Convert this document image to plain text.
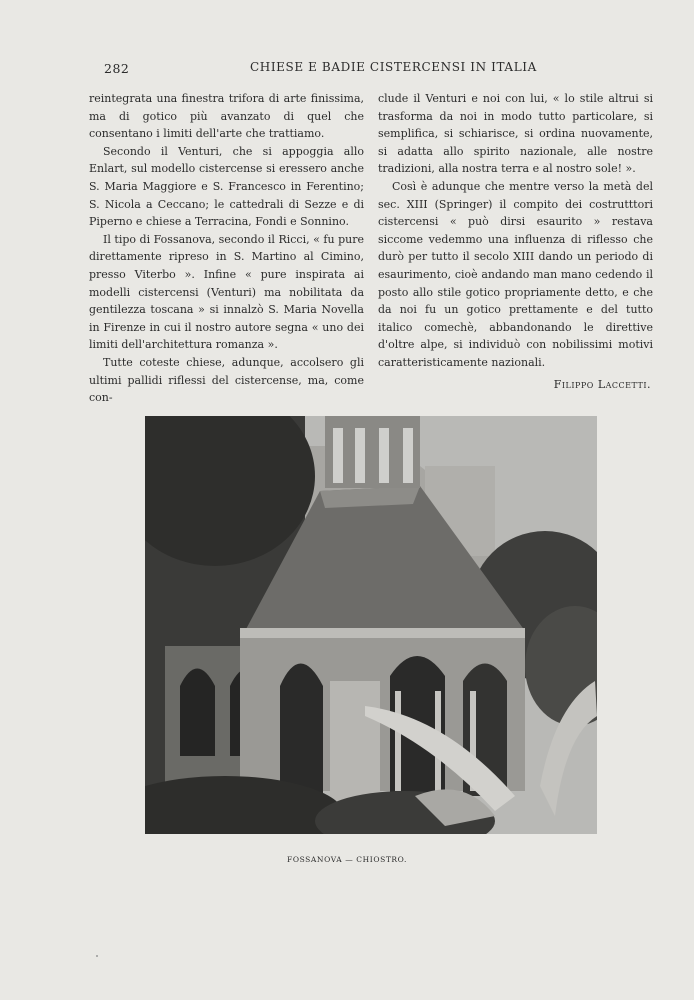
282	CHIESE E BADIE CISTERCENSI IN ITALIA

reintegrata una finestra trifora di arte finissima, ma di gotico più avanzato di quel che consentano i limiti dell'arte che trattiamo.

Secondo il Venturi, che si appoggia allo Enlart, sul modello cistercense si eressero anche S. Maria Maggiore e S. Francesco in Ferentino; S. Nicola a Ceccano; le cattedrali di Sezze e di Piperno e chiese a Terracina, Fondi e Sonnino.

Il tipo di Fossanova, secondo il Ricci, « fu pure direttamente ripreso in S. Martino al Cimino, presso Viterbo ». Infine « pure inspirata ai modelli cistercensi (Venturi) ma nobilitata da gentilezza toscana » si innalzò S. Maria Novella in Firenze in cui il nostro autore segna « uno dei limiti dell'architettura romanza ».

Tutte coteste chiese, adunque, accolsero gli ultimi pallidi riflessi del cistercense, ma, come con-

clude il Venturi e noi con lui, « lo stile altrui si trasforma da noi in modo tutto particolare, si semplifica, si schiarisce, si ordina nuovamente, si adatta allo spirito nazionale, alle nostre tradizioni, alla nostra terra e al nostro sole! ».

Così è adunque che mentre verso la metà del sec. XIII (Springer) il compito dei costrutttori cistercensi « può dirsi esaurito » restava siccome vedemmo una influenza di riflesso che durò per tutto il secolo XIII dando un periodo di esaurimento, cioè andando man mano cedendo il posto allo stile gotico propriamente detto, e che da noi fu un gotico prettamente e del tutto italico comechè, abbandonando le direttive d'oltre alpe, si individuò con nobilissimi motivi caratteristicamente nazionali.

Filippo Laccetti.
FOSSANOVA — CHIOSTRO.
